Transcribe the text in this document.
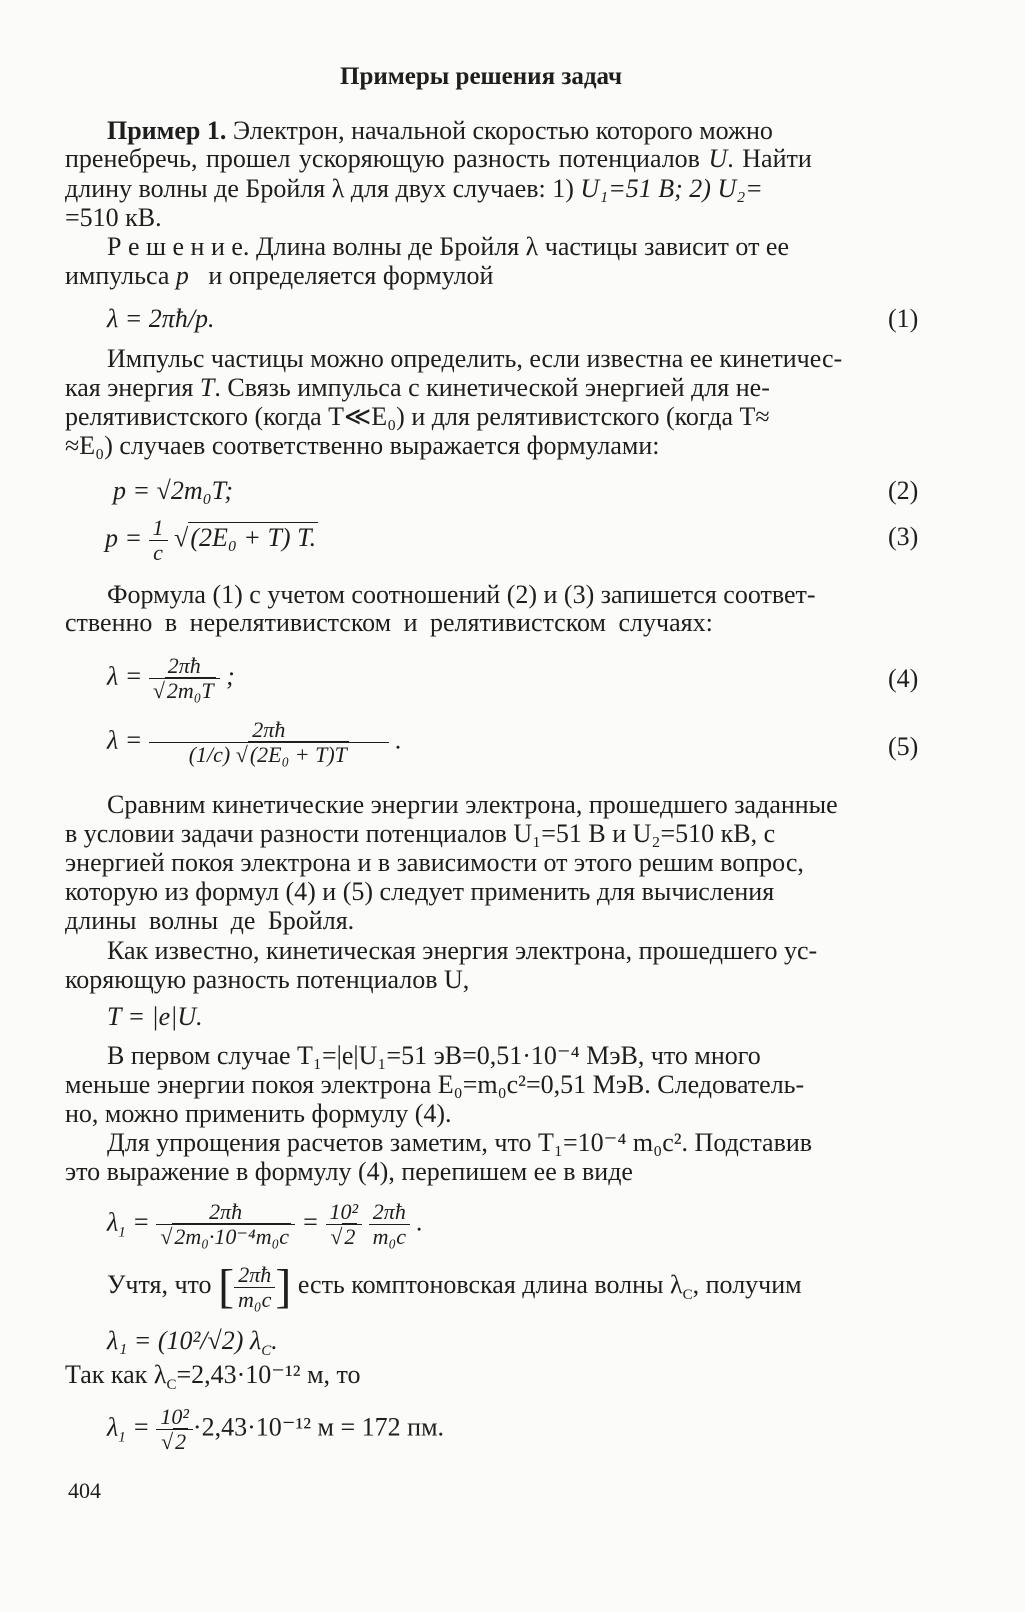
Примеры решения задач
Пример 1. Электрон, начальной скоростью которого можно
пренебречь, прошел ускоряющую разность потенциалов U. Найти
длину волны де Бройля λ для двух случаев: 1) U₁=51 В; 2) U₂=
=510 кВ.
Р е ш е н и е. Длина волны де Бройля λ частицы зависит от ее
импульса p и определяется формулой
λ = 2πħ/p.	(1)
Импульс частицы можно определить, если известна ее кинетичес-
кая энергия T. Связь импульса с кинетической энергией для не-
релятивистского (когда T≪E₀) и для релятивистского (когда T≈
≈E₀) случаев соответственно выражается формулами:
p = √2m₀T;	(2)
$p = \frac{1}{c} √(2E_0 + T)$ T.	(3)
Формула (1) с учетом соотношений (2) и (3) запишется соответ-
ственно в нерелятивистском и релятивистском случаях:
$\lambda = \frac{2\pi ħ}{\text{√2m₀T}}$ ;	(4)
$\lambda = \frac{2\pi ħ}{\text{(1/c) √(2E₀ + T)T}}$ .	(5)
Сравним кинетические энергии электрона, прошедшего заданные
в условии задачи разности потенциалов U₁=51 В и U₂=510 кВ, с
энергией покоя электрона и в зависимости от этого решим вопрос,
которую из формул (4) и (5) следует применить для вычисления
длины волны де Бройля.
Как известно, кинетическая энергия электрона, прошедшего ус-
коряющую разность потенциалов U,
T = |e|U.
В первом случае T₁=|e|U₁=51 эВ=0,51·10⁻⁴ МэВ, что много
меньше энергии покоя электрона E₀=m₀c²=0,51 МэВ. Следователь-
но, можно применить формулу (4).
Для упрощения расчетов заметим, что T₁=10⁻⁴ m₀c². Подставив
это выражение в формулу (4), перепишем ее в виде
$\lambda_1 = \frac{2\pi ħ}{\text{√2m₀·10⁻⁴m₀c}} = \frac{\text{10²}}{√2}$
$\frac{2\pi ħ}{\text{m₀c}}$ .
Учтя, что [ $\frac{2\pi ħ}{\text{m₀c}}$ ] есть комптоновская длина волны $\lambda_C$, получим
λ₁ = (10²/√2) $\lambda_C$.
Так как $\lambda_C=2,43\cdot 10^{-12}$ м, то
$\lambda_1 = \frac{\text{10²}}{√2} \cdot 2,43\cdot 10^{-12}$ м = 172 пм.
404
